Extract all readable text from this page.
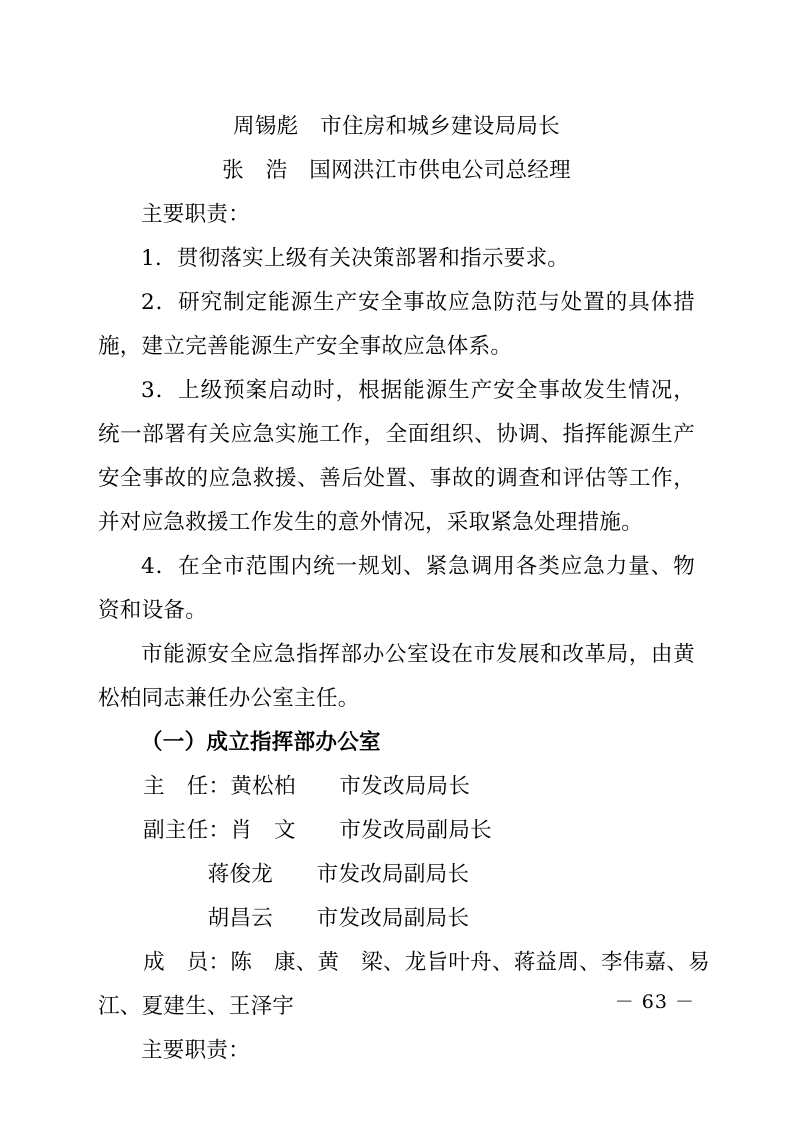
周锡彪　市住房和城乡建设局局长
张　浩　国网洪江市供电公司总经理
主要职责：
1．贯彻落实上级有关决策部署和指示要求。
2．研究制定能源生产安全事故应急防范与处置的具体措施，建立完善能源生产安全事故应急体系。
3．上级预案启动时，根据能源生产安全事故发生情况，统一部署有关应急实施工作，全面组织、协调、指挥能源生产安全事故的应急救援、善后处置、事故的调查和评估等工作，并对应急救援工作发生的意外情况，采取紧急处理措施。
4．在全市范围内统一规划、紧急调用各类应急力量、物资和设备。
市能源安全应急指挥部办公室设在市发展和改革局，由黄松柏同志兼任办公室主任。
（一）成立指挥部办公室
主　任：黄松柏　　市发改局局长
副主任：肖　文　　市发改局副局长
蒋俊龙　　市发改局副局长
胡昌云　　市发改局副局长
成　员：陈　康、黄　梁、龙旨叶舟、蒋益周、李伟嘉、易
江、夏建生、王泽宇
主要职责：
－ 63 －
